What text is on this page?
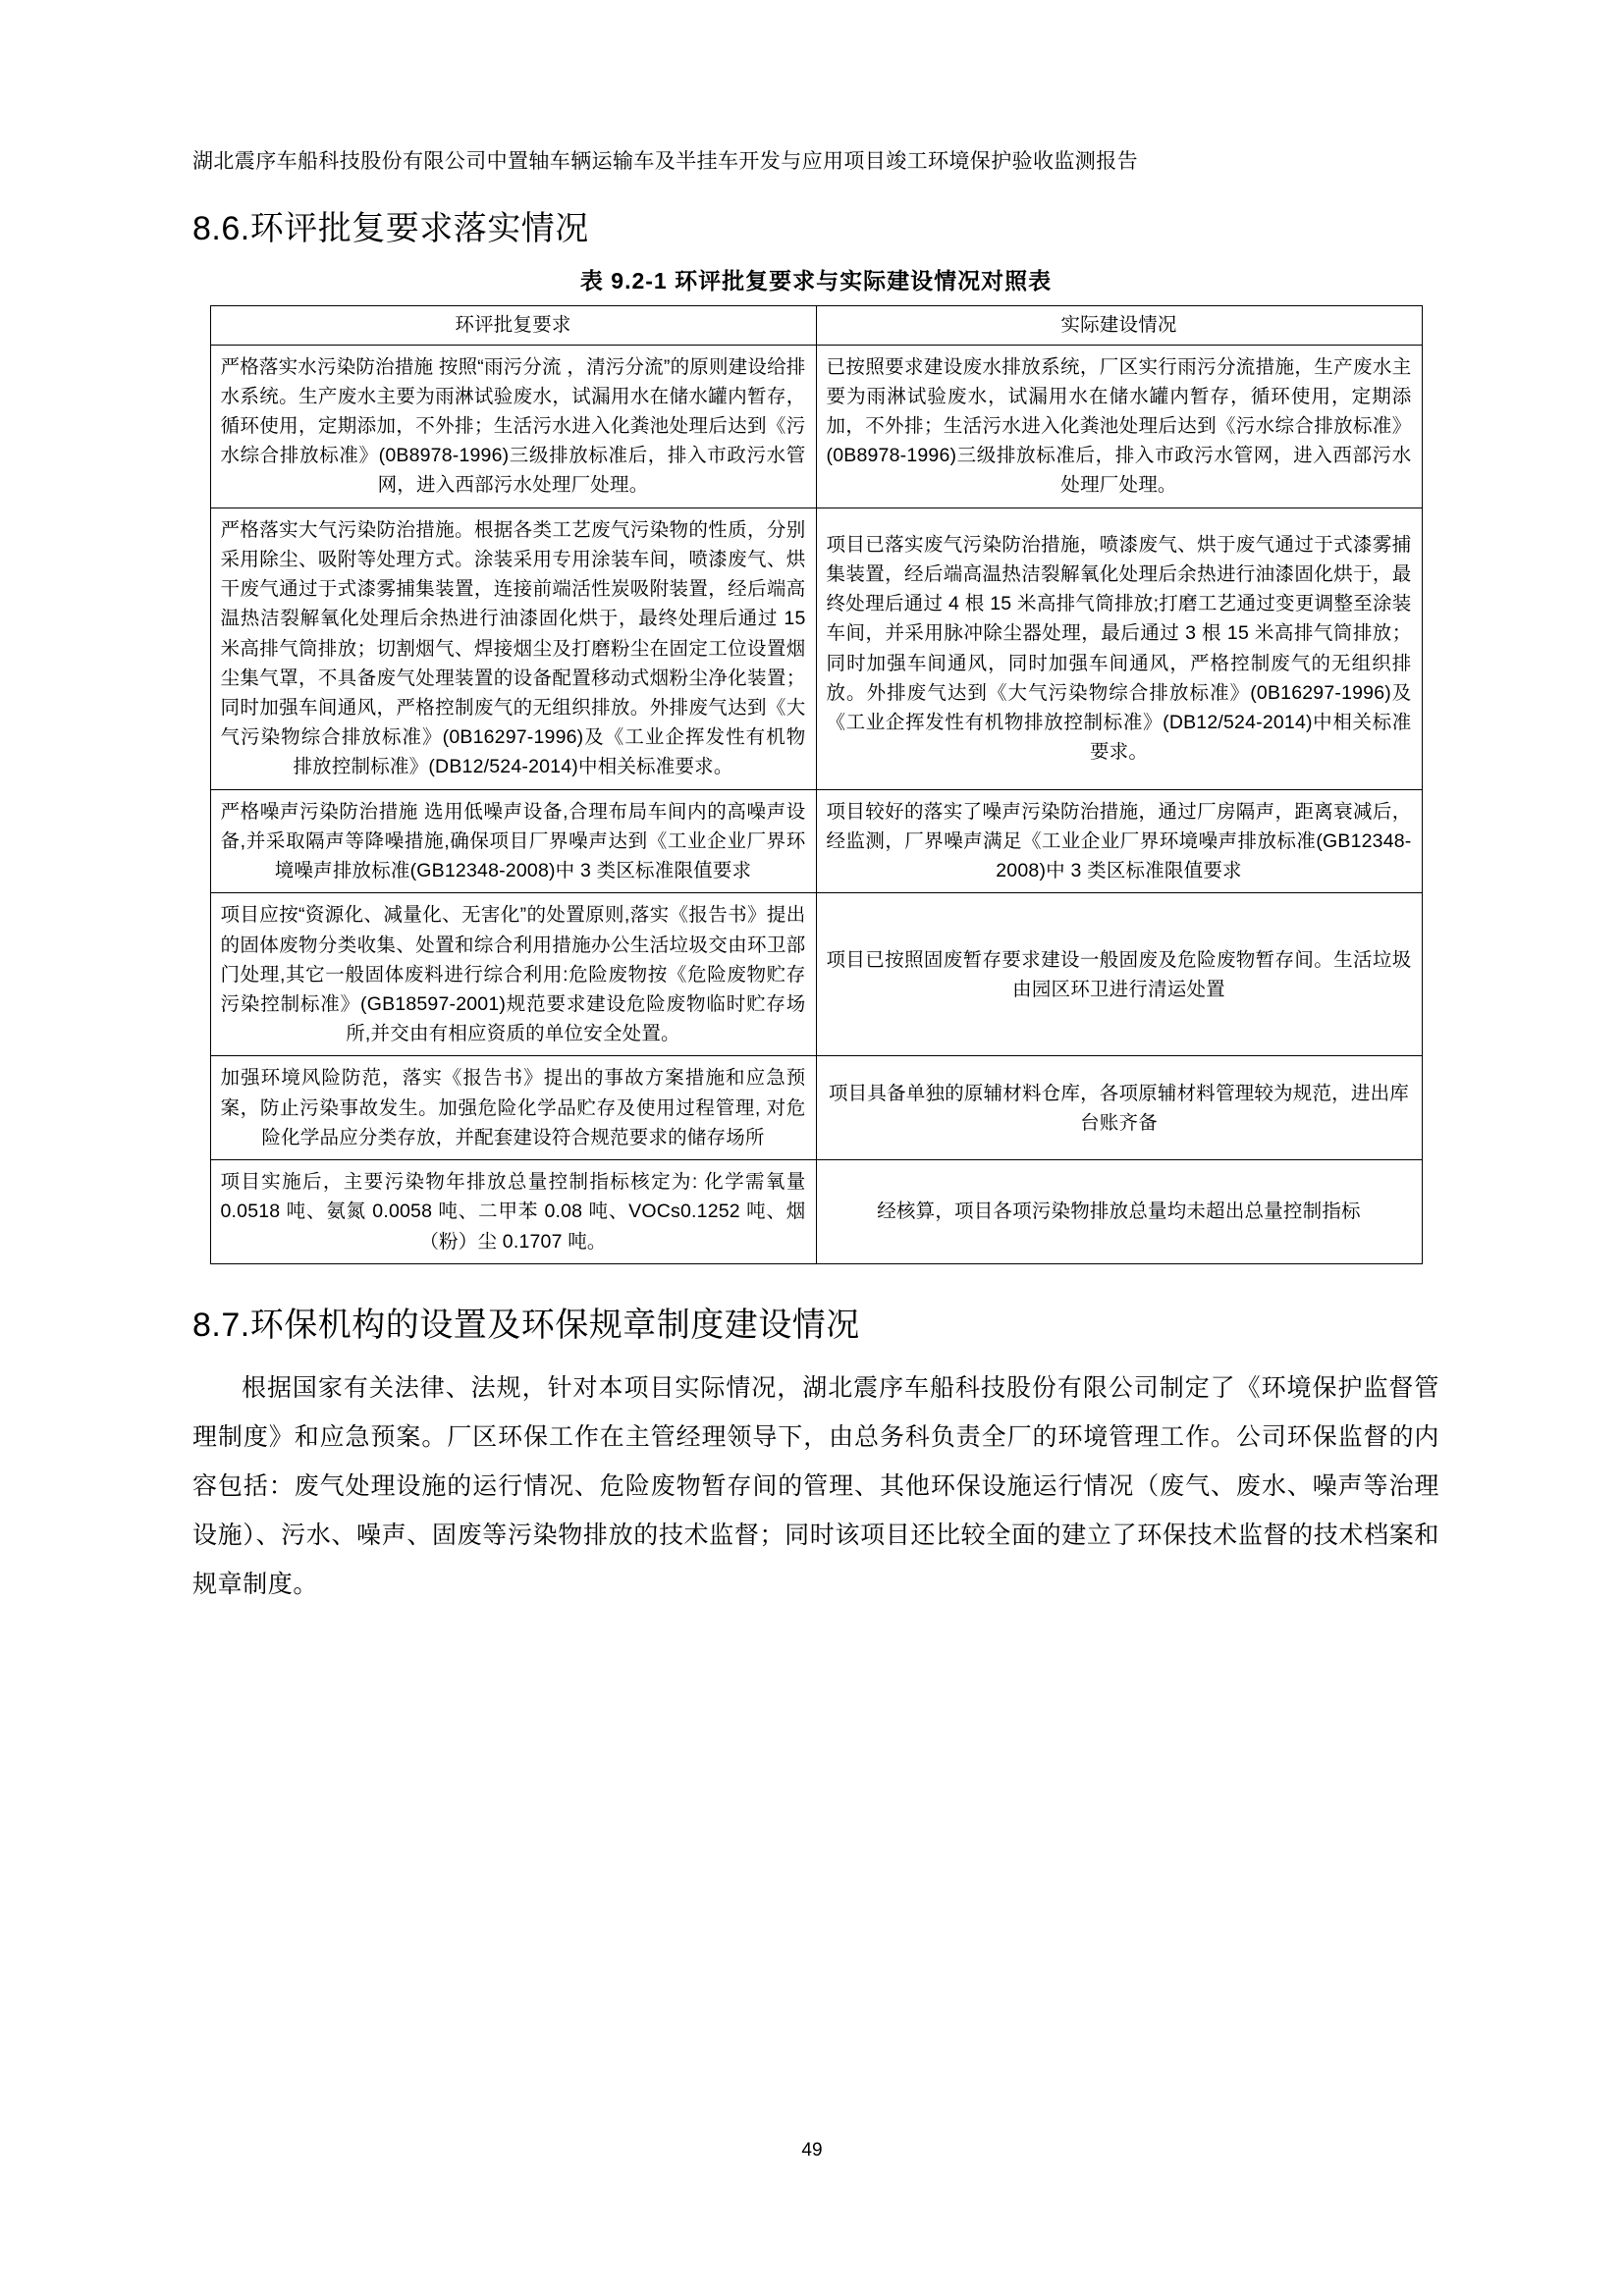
湖北震序车船科技股份有限公司中置轴车辆运输车及半挂车开发与应用项目竣工环境保护验收监测报告
8.6.环评批复要求落实情况
表 9.2-1 环评批复要求与实际建设情况对照表
环评批复要求	实际建设情况
严格落实水污染防治措施 按照“雨污分流 ，清污分流”的原则建设给排水系统。生产废水主要为雨淋试验废水，试漏用水在储水罐内暂存，循环使用，定期添加，不外排；生活污水进入化粪池处理后达到《污水综合排放标准》(0B8978-1996)三级排放标准后，排入市政污水管网，进入西部污水处理厂处理。	已按照要求建设废水排放系统，厂区实行雨污分流措施，生产废水主要为雨淋试验废水，试漏用水在储水罐内暂存，循环使用，定期添加，不外排；生活污水进入化粪池处理后达到《污水综合排放标准》(0B8978-1996)三级排放标准后，排入市政污水管网，进入西部污水处理厂处理。
严格落实大气污染防治措施。根据各类工艺废气污染物的性质，分别采用除尘、吸附等处理方式。涂装采用专用涂装车间，喷漆废气、烘干废气通过于式漆雾捕集装置，连接前端活性炭吸附装置，经后端高温热洁裂解氧化处理后余热进行油漆固化烘于，最终处理后通过 15 米高排气筒排放；切割烟气、焊接烟尘及打磨粉尘在固定工位设置烟尘集气罩，不具备废气处理装置的设备配置移动式烟粉尘净化装置；同时加强车间通风，严格控制废气的无组织排放。外排废气达到《大气污染物综合排放标准》(0B16297-1996)及《工业企挥发性有机物排放控制标准》(DB12/524-2014)中相关标准要求。	项目已落实废气污染防治措施，喷漆废气、烘于废气通过于式漆雾捕集装置，经后端高温热洁裂解氧化处理后余热进行油漆固化烘于，最终处理后通过 4 根 15 米高排气筒排放;打磨工艺通过变更调整至涂装车间，并采用脉冲除尘器处理，最后通过 3 根 15 米高排气筒排放；同时加强车间通风，同时加强车间通风，严格控制废气的无组织排放。外排废气达到《大气污染物综合排放标准》(0B16297-1996)及《工业企挥发性有机物排放控制标准》(DB12/524-2014)中相关标准要求。
严格噪声污染防治措施 选用低噪声设备,合理布局车间内的高噪声设备,并采取隔声等降噪措施,确保项目厂界噪声达到《工业企业厂界环境噪声排放标准(GB12348-2008)中 3 类区标准限值要求	项目较好的落实了噪声污染防治措施，通过厂房隔声，距离衰减后，经监测，厂界噪声满足《工业企业厂界环境噪声排放标准(GB12348-2008)中 3 类区标准限值要求
项目应按“资源化、减量化、无害化”的处置原则,落实《报告书》提出的固体废物分类收集、处置和综合利用措施办公生活垃圾交由环卫部门处理,其它一般固体废料进行综合利用:危险废物按《危险废物贮存污染控制标准》(GB18597-2001)规范要求建设危险废物临时贮存场所,并交由有相应资质的单位安全处置。	项目已按照固废暂存要求建设一般固废及危险废物暂存间。生活垃圾由园区环卫进行清运处置
加强环境风险防范，落实《报告书》提出的事故方案措施和应急预案，防止污染事故发生。加强危险化学品贮存及使用过程管理, 对危险化学品应分类存放，并配套建设符合规范要求的储存场所	项目具备单独的原辅材料仓库，各项原辅材料管理较为规范，进出库台账齐备
项目实施后，主要污染物年排放总量控制指标核定为: 化学需氧量 0.0518 吨、氨氮 0.0058 吨、二甲苯 0.08 吨、VOCs0.1252 吨、烟（粉）尘 0.1707 吨。	经核算，项目各项污染物排放总量均未超出总量控制指标
8.7.环保机构的设置及环保规章制度建设情况

根据国家有关法律、法规，针对本项目实际情况，湖北震序车船科技股份有限公司制定了《环境保护监督管理制度》和应急预案。厂区环保工作在主管经理领导下，由总务科负责全厂的环境管理工作。公司环保监督的内容包括：废气处理设施的运行情况、危险废物暂存间的管理、其他环保设施运行情况（废气、废水、噪声等治理设施）、污水、噪声、固废等污染物排放的技术监督；同时该项目还比较全面的建立了环保技术监督的技术档案和规章制度。

49
